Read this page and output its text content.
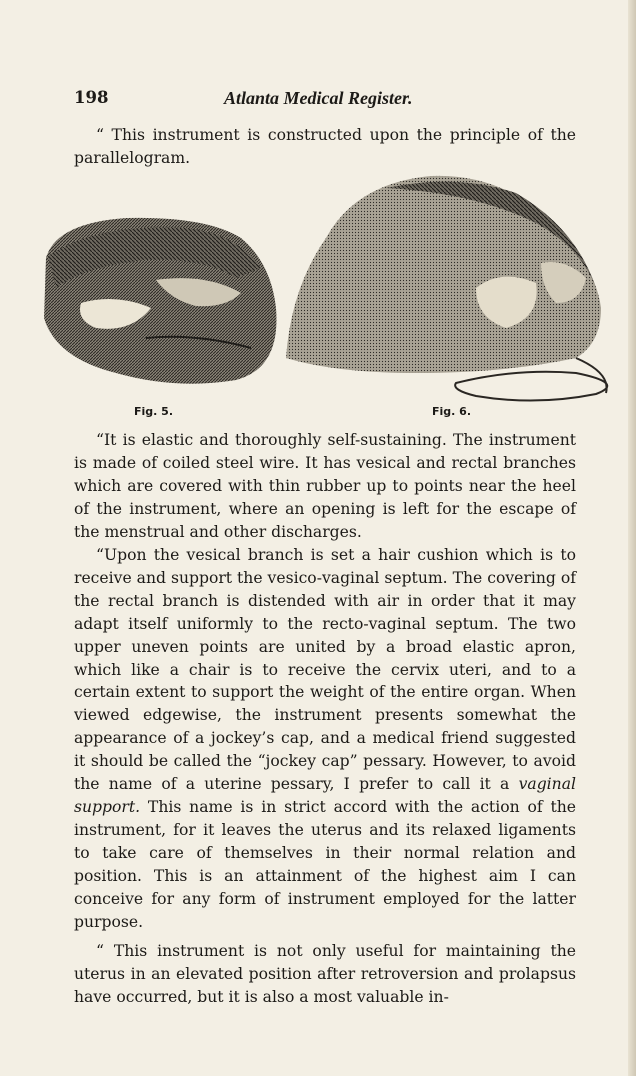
198	Atlanta Medical Register.

“ This instrument is constructed upon the principle of the parallelogram.

Fig. 5.	Fig. 6.

“It is elastic and thoroughly self-sustaining. The instrument is made of coiled steel wire. It has vesical and rectal branches which are covered with thin rubber up to points near the heel of the instrument, where an opening is left for the escape of the menstrual and other discharges.

“Upon the vesical branch is set a hair cushion which is to receive and support the vesico-vaginal septum. The covering of the rectal branch is distended with air in order that it may adapt itself uniformly to the recto-vaginal septum. The two upper uneven points are united by a broad elastic apron, which like a chair is to receive the cervix uteri, and to a certain extent to support the weight of the entire organ. When viewed edgewise, the instrument presents somewhat the appearance of a jockey’s cap, and a medical friend suggested it should be called the “jockey cap” pessary. However, to avoid the name of a uterine pessary, I prefer to call it a vaginal support. This name is in strict accord with the action of the instrument, for it leaves the uterus and its relaxed ligaments to take care of themselves in their normal relation and position. This is an attainment of the highest aim I can conceive for any form of instrument employed for the latter purpose.

“ This instrument is not only useful for maintaining the uterus in an elevated position after retroversion and prolapsus have occurred, but it is also a most valuable in-
